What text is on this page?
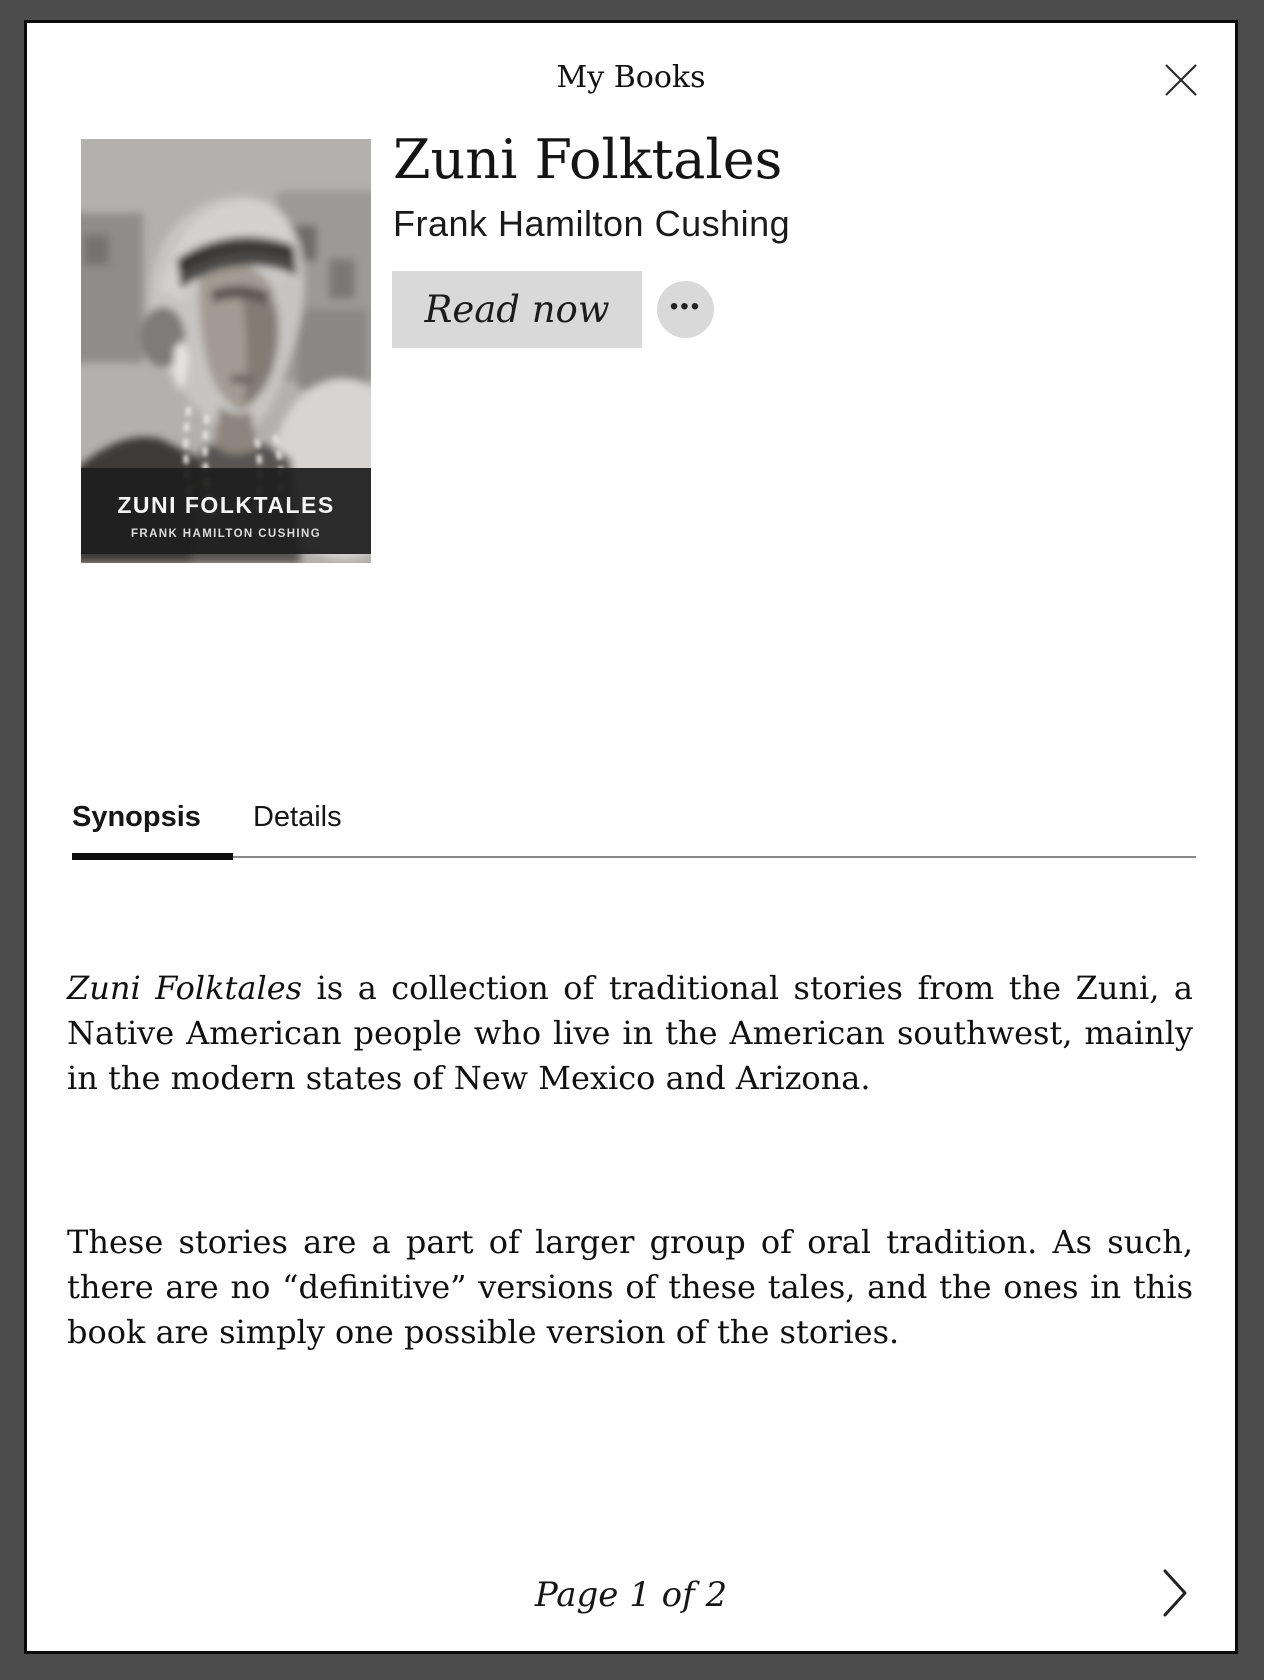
My Books
ZUNI FOLKTALES
FRANK HAMILTON CUSHING
Zuni Folktales
Frank Hamilton Cushing
Read now	•••
Synopsis Details
Zuni Folktales is a collection of traditional stories from the Zuni, a Native American people who live in the American southwest, mainly in the modern states of New Mexico and Arizona.
These stories are a part of larger group of oral tradition. As such, there are no “definitive” versions of these tales, and the ones in this book are simply one possible version of the stories.
Page 1 of 2
